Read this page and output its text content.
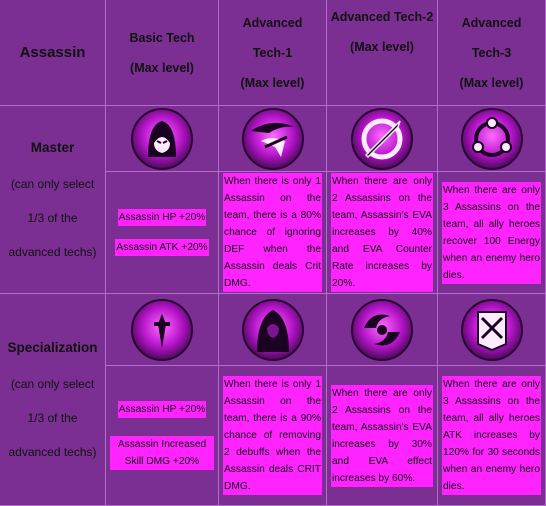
Assassin
Basic Tech
(Max level)
Advanced
Tech-1
(Max level)
Advanced Tech-2
(Max level)
Advanced
Tech-3
(Max level)
Master
(can only select
1/3 of the
advanced techs)
Assassin HP +20%
Assassin ATK +20%
When there is only 1 Assassin on the team, there is a 80% chance of ignoring DEF when the Assassin deals Crit DMG.
When there are only 2 Assassins on the team, Assassin's EVA increases by 40% and EVA Counter Rate increases by 20%.
When there are only 3 Assassins on the team, all ally heroes recover 100 Energy when an enemy hero dies.
Specialization
(can only select
1/3 of the
advanced techs)
Assassin HP +20%
Assassin Increased Skill DMG +20%
When there is only 1 Assassin on the team, there is a 90% chance of removing 2 debuffs when the Assassin deals CRIT DMG.
When there are only 2 Assassins on the team, Assassin's EVA increases by 30% and EVA effect increases by 60%.
When there are only 3 Assassins on the team, all ally heroes ATK increases by 120% for 30 seconds when an enemy hero dies.
